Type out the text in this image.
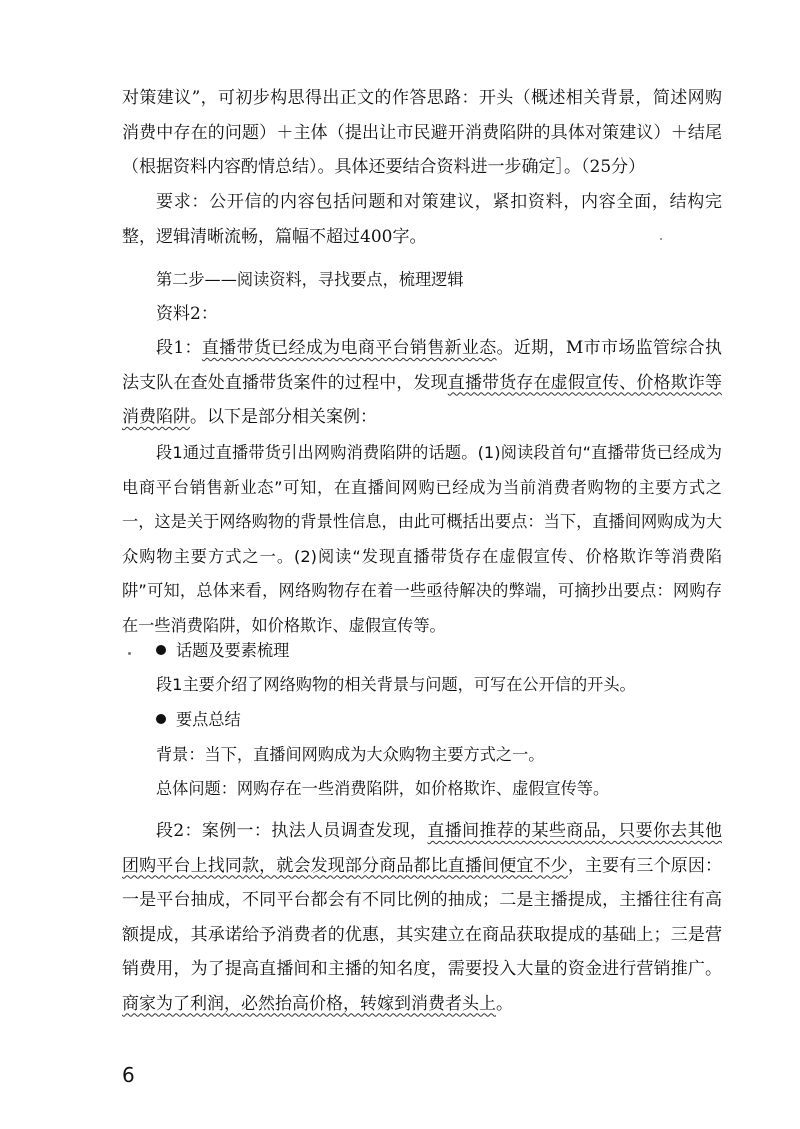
对策建议”，可初步构思得出正文的作答思路：开头（概述相关背景，简述网购消费中存在的问题）＋主体（提出让市民避开消费陷阱的具体对策建议）＋结尾（根据资料内容酌情总结）。具体还要结合资料进一步确定］。（25分）

要求：公开信的内容包括问题和对策建议，紧扣资料，内容全面，结构完整，逻辑清晰流畅，篇幅不超过400字。

第二步——阅读资料，寻找要点，梳理逻辑

资料2：

段1：直播带货已经成为电商平台销售新业态。近期，M市市场监管综合执法支队在查处直播带货案件的过程中，发现直播带货存在虚假宣传、价格欺诈等消费陷阱。以下是部分相关案例：

段1通过直播带货引出网购消费陷阱的话题。(1)阅读段首句“直播带货已经成为电商平台销售新业态”可知，在直播间网购已经成为当前消费者购物的主要方式之一，这是关于网络购物的背景性信息，由此可概括出要点：当下，直播间网购成为大众购物主要方式之一。(2)阅读“发现直播带货存在虚假宣传、价格欺诈等消费陷阱”可知，总体来看，网络购物存在着一些亟待解决的弊端，可摘抄出要点：网购存在一些消费陷阱，如价格欺诈、虚假宣传等。

话题及要素梳理

段1主要介绍了网络购物的相关背景与问题，可写在公开信的开头。

要点总结

背景：当下，直播间网购成为大众购物主要方式之一。

总体问题：网购存在一些消费陷阱，如价格欺诈、虚假宣传等。

段2：案例一：执法人员调查发现，直播间推荐的某些商品，只要你去其他团购平台上找同款，就会发现部分商品都比直播间便宜不少，主要有三个原因：一是平台抽成，不同平台都会有不同比例的抽成；二是主播提成，主播往往有高额提成，其承诺给予消费者的优惠，其实建立在商品获取提成的基础上；三是营销费用，为了提高直播间和主播的知名度，需要投入大量的资金进行营销推广。商家为了利润，必然抬高价格，转嫁到消费者头上。

6
